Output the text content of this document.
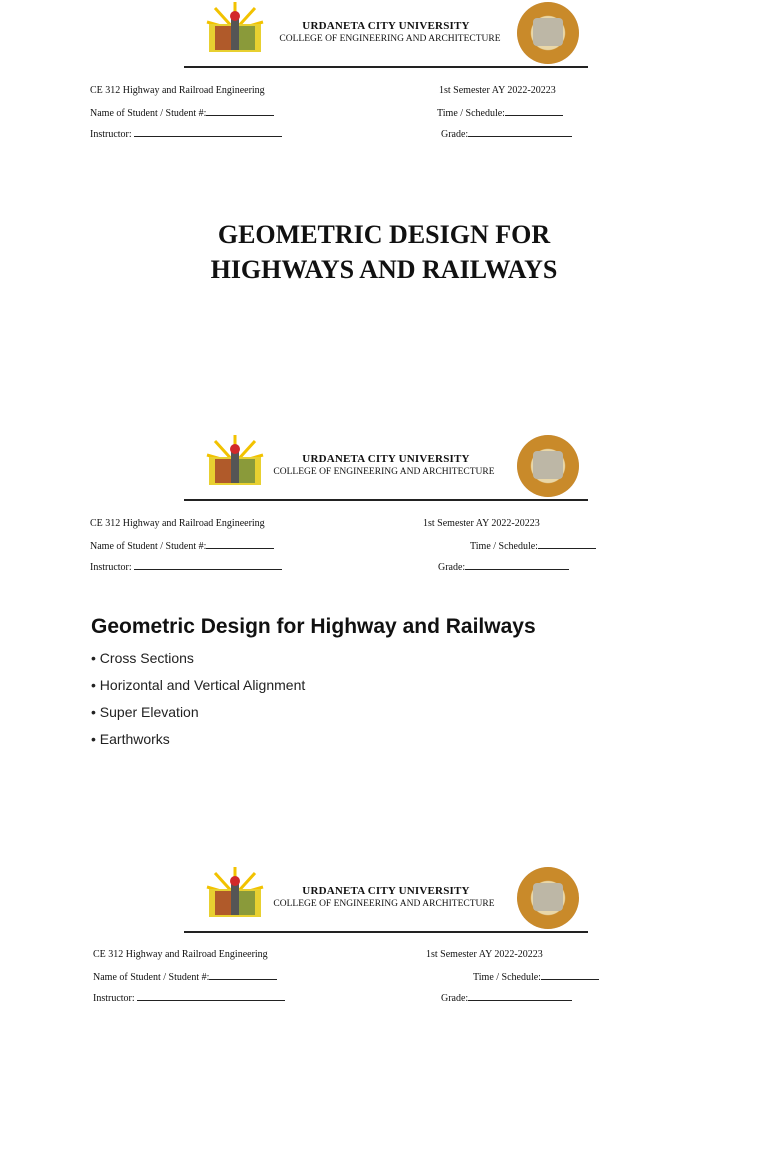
URDANETA CITY UNIVERSITY
COLLEGE OF ENGINEERING AND ARCHITECTURE
CE 312 Highway and Railroad Engineering
Name of Student / Student #:
Instructor:
1st Semester AY 2022-20223
Time / Schedule:
Grade:
GEOMETRIC DESIGN FOR
HIGHWAYS AND RAILWAYS
URDANETA CITY UNIVERSITY
COLLEGE OF ENGINEERING AND ARCHITECTURE
CE 312 Highway and Railroad Engineering
Name of Student / Student #:
Instructor:
1st Semester AY 2022-20223
Time / Schedule:
Grade:
Geometric Design for Highway and Railways
• Cross Sections
• Horizontal and Vertical Alignment
• Super Elevation
• Earthworks
URDANETA CITY UNIVERSITY
COLLEGE OF ENGINEERING AND ARCHITECTURE
CE 312 Highway and Railroad Engineering
Name of Student / Student #:
Instructor:
1st Semester AY 2022-20223
Time / Schedule:
Grade:
